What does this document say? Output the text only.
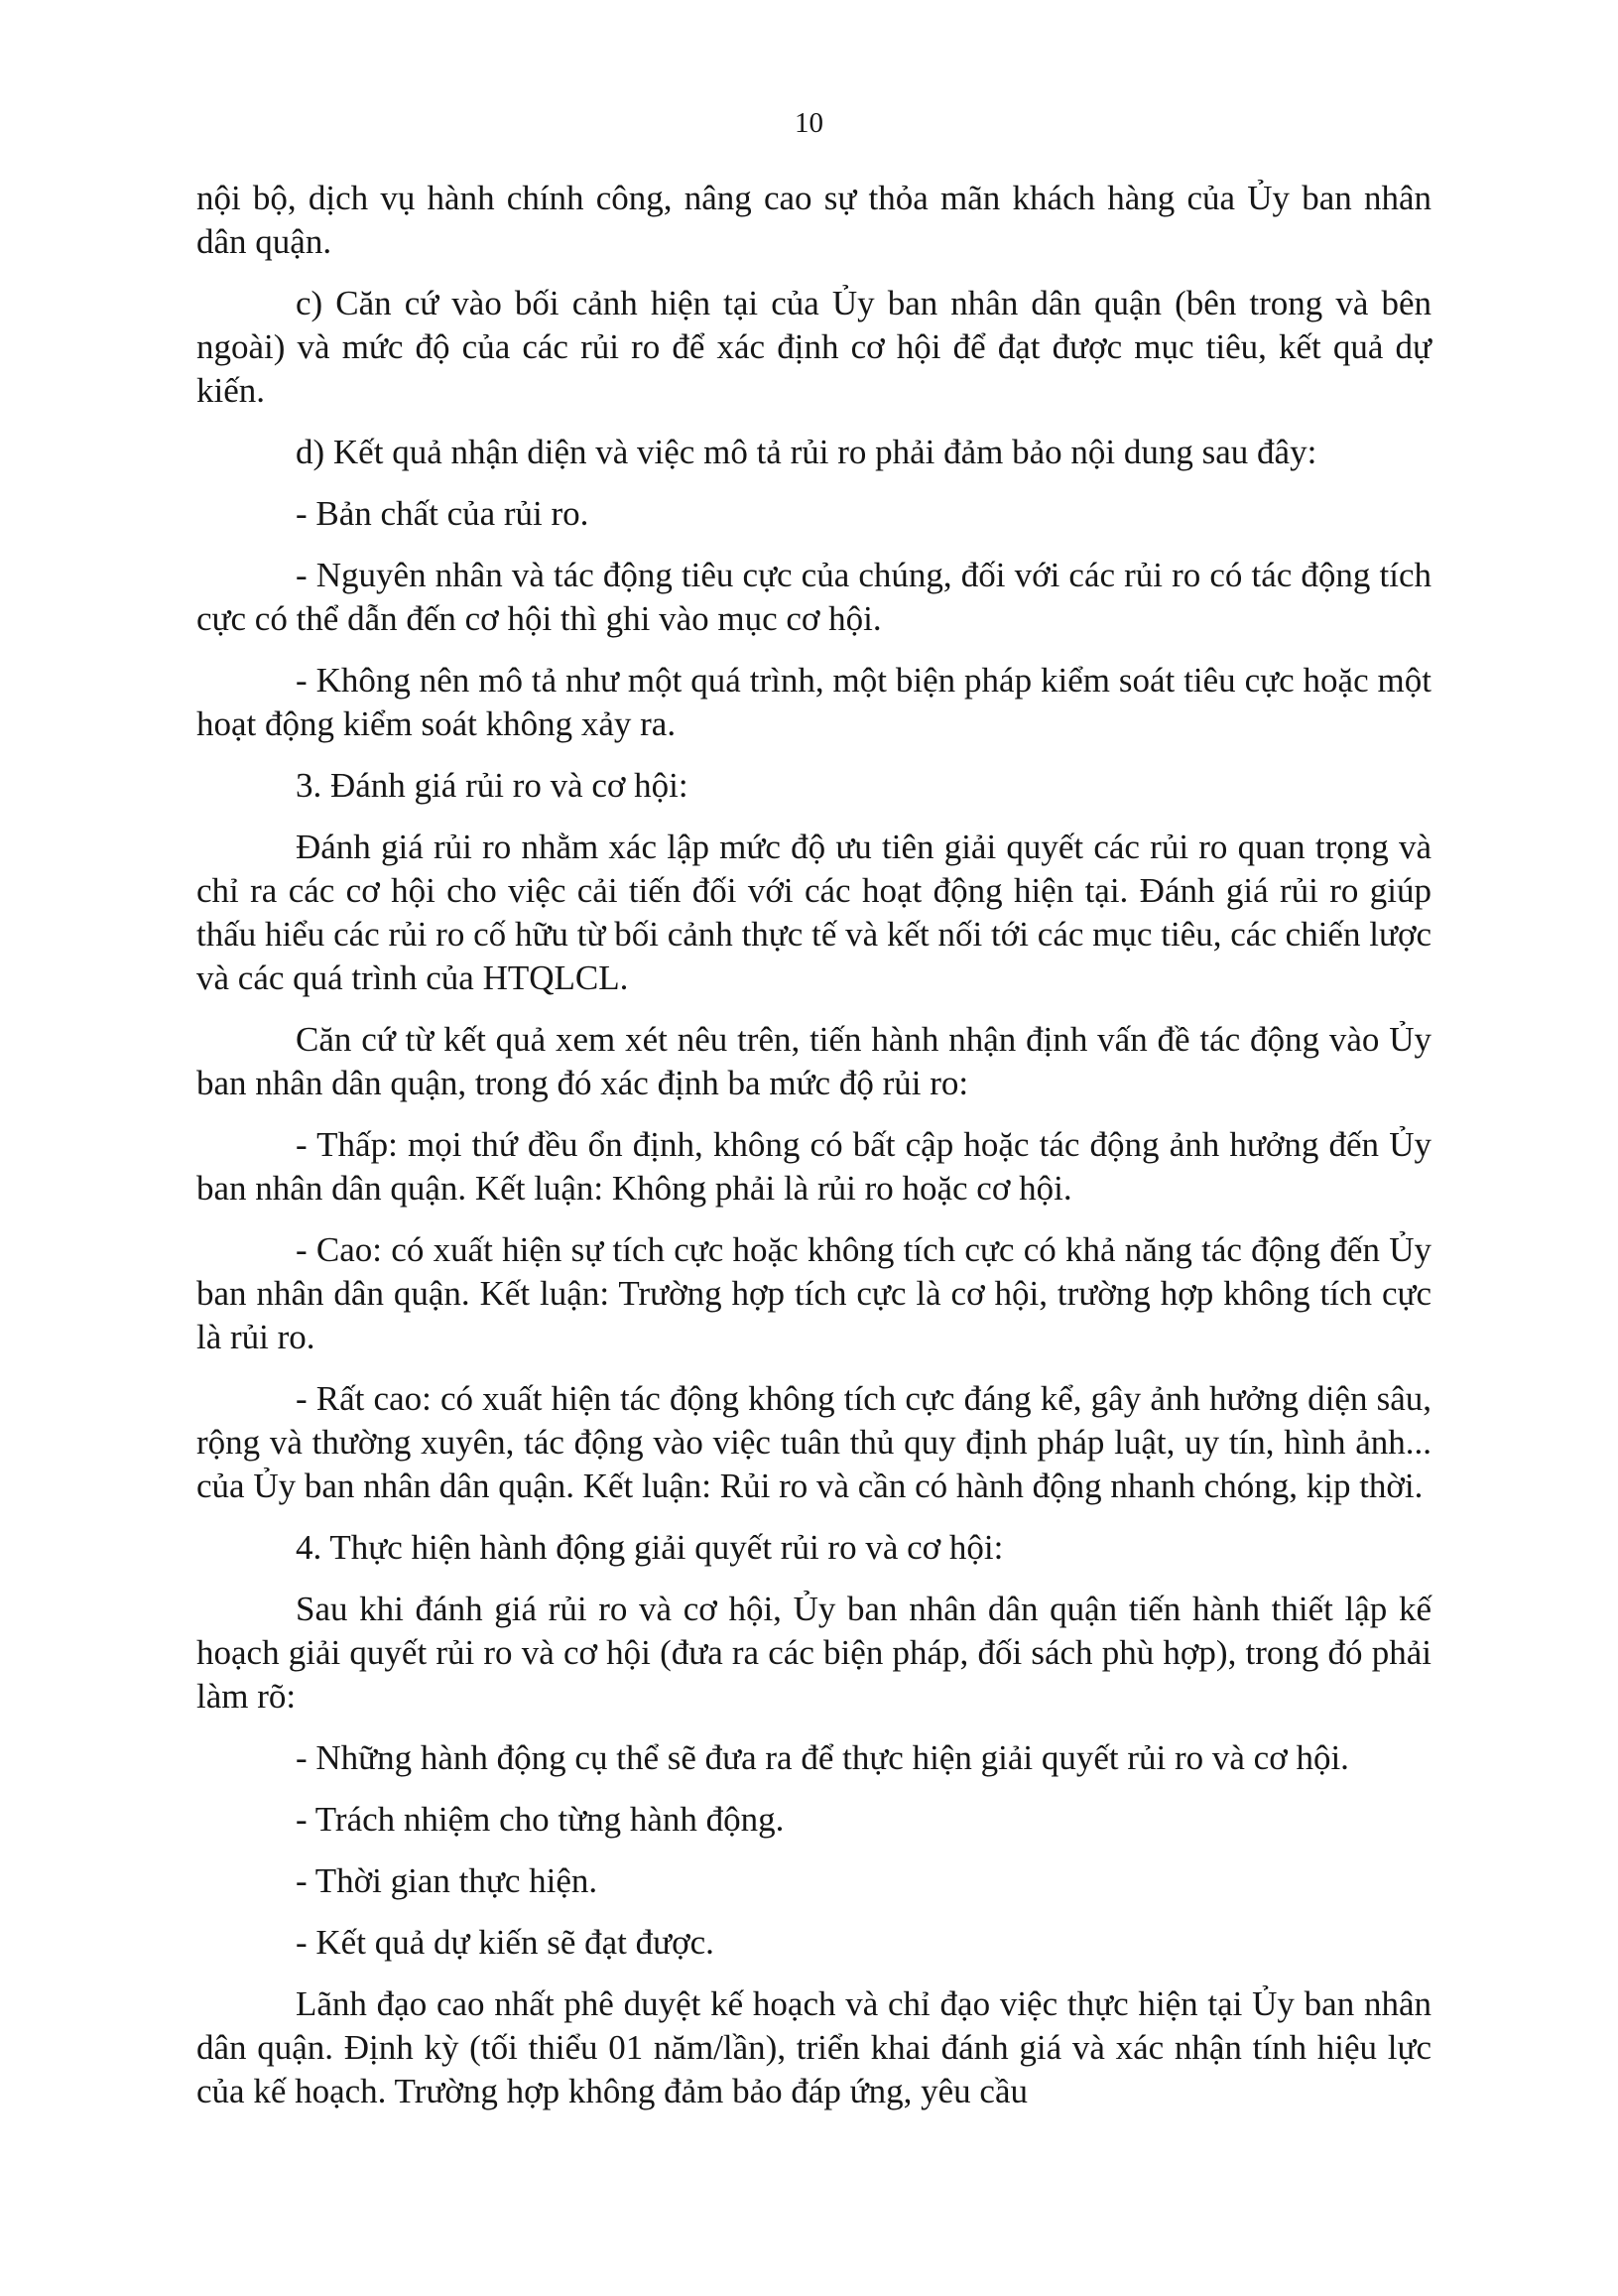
10

nội bộ, dịch vụ hành chính công, nâng cao sự thỏa mãn khách hàng của Ủy ban nhân dân quận.

c) Căn cứ vào bối cảnh hiện tại của Ủy ban nhân dân quận (bên trong và bên ngoài) và mức độ của các rủi ro để xác định cơ hội để đạt được mục tiêu, kết quả dự kiến.

d) Kết quả nhận diện và việc mô tả rủi ro phải đảm bảo nội dung sau đây:

- Bản chất của rủi ro.

- Nguyên nhân và tác động tiêu cực của chúng, đối với các rủi ro có tác động tích cực có thể dẫn đến cơ hội thì ghi vào mục cơ hội.

- Không nên mô tả như một quá trình, một biện pháp kiểm soát tiêu cực hoặc một hoạt động kiểm soát không xảy ra.

3. Đánh giá rủi ro và cơ hội:

Đánh giá rủi ro nhằm xác lập mức độ ưu tiên giải quyết các rủi ro quan trọng và chỉ ra các cơ hội cho việc cải tiến đối với các hoạt động hiện tại. Đánh giá rủi ro giúp thấu hiểu các rủi ro cố hữu từ bối cảnh thực tế và kết nối tới các mục tiêu, các chiến lược và các quá trình của HTQLCL.

Căn cứ từ kết quả xem xét nêu trên, tiến hành nhận định vấn đề tác động vào Ủy ban nhân dân quận, trong đó xác định ba mức độ rủi ro:

- Thấp: mọi thứ đều ổn định, không có bất cập hoặc tác động ảnh hưởng đến Ủy ban nhân dân quận. Kết luận: Không phải là rủi ro hoặc cơ hội.

- Cao: có xuất hiện sự tích cực hoặc không tích cực có khả năng tác động đến Ủy ban nhân dân quận. Kết luận: Trường hợp tích cực là cơ hội, trường hợp không tích cực là rủi ro.

- Rất cao: có xuất hiện tác động không tích cực đáng kể, gây ảnh hưởng diện sâu, rộng và thường xuyên, tác động vào việc tuân thủ quy định pháp luật, uy tín, hình ảnh... của Ủy ban nhân dân quận. Kết luận: Rủi ro và cần có hành động nhanh chóng, kịp thời.

4. Thực hiện hành động giải quyết rủi ro và cơ hội:

Sau khi đánh giá rủi ro và cơ hội, Ủy ban nhân dân quận tiến hành thiết lập kế hoạch giải quyết rủi ro và cơ hội (đưa ra các biện pháp, đối sách phù hợp), trong đó phải làm rõ:

- Những hành động cụ thể sẽ đưa ra để thực hiện giải quyết rủi ro và cơ hội.

- Trách nhiệm cho từng hành động.

- Thời gian thực hiện.

- Kết quả dự kiến sẽ đạt được.

Lãnh đạo cao nhất phê duyệt kế hoạch và chỉ đạo việc thực hiện tại Ủy ban nhân dân quận. Định kỳ (tối thiểu 01 năm/lần), triển khai đánh giá và xác nhận tính hiệu lực của kế hoạch. Trường hợp không đảm bảo đáp ứng, yêu cầu
